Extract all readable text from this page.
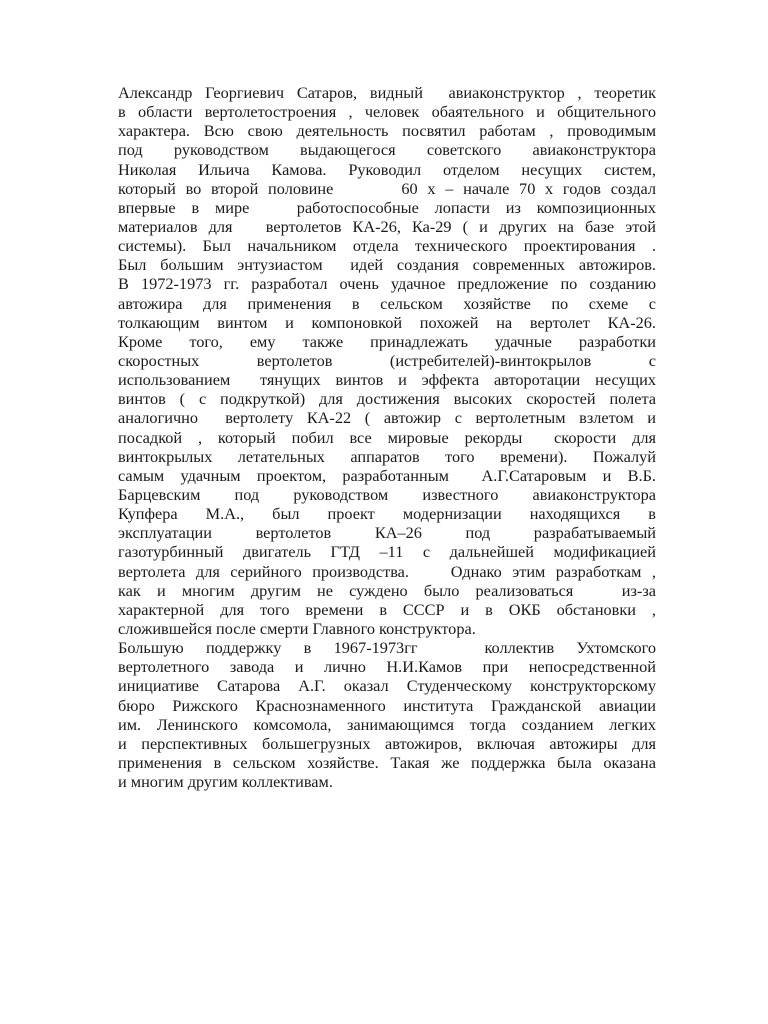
Александр Георгиевич Сатаров, видный  авиаконструктор , теоретик
в области вертолетостроения , человек обаятельного и общительного
характера. Всю свою деятельность посвятил работам , проводимым
под руководством выдающегося советского авиаконструктора
Николая Ильича Камова. Руководил отделом несущих систем,
который во второй половине       60 х – начале 70 х годов создал
впервые в мире   работоспособные лопасти из композиционных
материалов для   вертолетов КА-26, Ка-29 ( и других на базе этой
системы). Был начальником отдела технического проектирования .
Был большим энтузиастом  идей создания современных автожиров.
В 1972-1973 гг. разработал очень удачное предложение по созданию
автожира для применения в сельском хозяйстве по схеме с
толкающим винтом и компоновкой похожей на вертолет КА-26.
Кроме того, ему также принадлежать удачные разработки
скоростных вертолетов (истребителей)-винтокрылов с
использованием  тянущих винтов и эффекта авторотации несущих
винтов ( с подкруткой) для достижения высоких скоростей полета
аналогично  вертолету КА-22 ( автожир с вертолетным взлетом и
посадкой , который побил все мировые рекорды  скорости для
винтокрылых летательных аппаратов того времени). Пожалуй
самым удачным проектом, разработанным  А.Г.Сатаровым и В.Б.
Барцевским под руководством известного авиаконструктора
Купфера М.А., был проект модернизации находящихся в
эксплуатации вертолетов КА–26 под разрабатываемый
газотурбинный двигатель ГТД –11 с дальнейшей модификацией
вертолета для серийного производства.    Однако этим разработкам ,
как и многим другим не суждено было реализоваться   из-за
характерной для того времени в СССР и в ОКБ обстановки ,
сложившейся после смерти Главного конструктора.
Большую поддержку в 1967-1973гг   коллектив Ухтомского
вертолетного завода и лично Н.И.Камов при непосредственной
инициативе Сатарова А.Г. оказал Студенческому конструкторскому
бюро Рижского Краснознаменного института Гражданской авиации
им. Ленинского комсомола, занимающимся тогда созданием легких
и перспективных большегрузных автожиров, включая автожиры для
применения в сельском хозяйстве. Такая же поддержка была оказана
и многим другим коллективам.
